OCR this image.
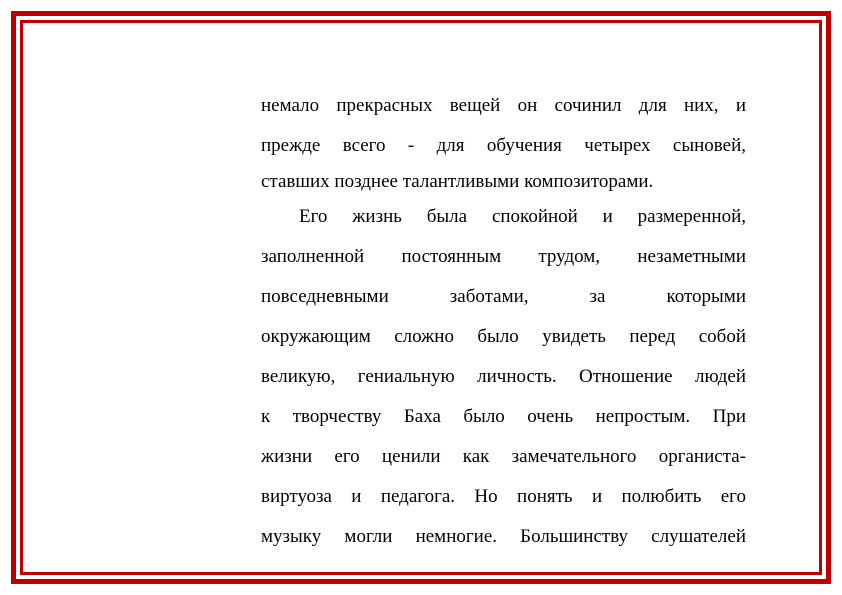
немало прекрасных вещей он сочинил для них, и
прежде всего - для обучения четырех сыновей,
ставших позднее талантливыми композиторами.
Его жизнь была спокойной и размеренной,
заполненной постоянным трудом, незаметными
повседневными заботами, за которыми
окружающим сложно было увидеть перед собой
великую, гениальную личность. Отношение людей
к творчеству Баха было очень непростым. При
жизни его ценили как замечательного органиста-
виртуоза и педагога. Но понять и полюбить его
музыку могли немногие. Большинству слушателей
